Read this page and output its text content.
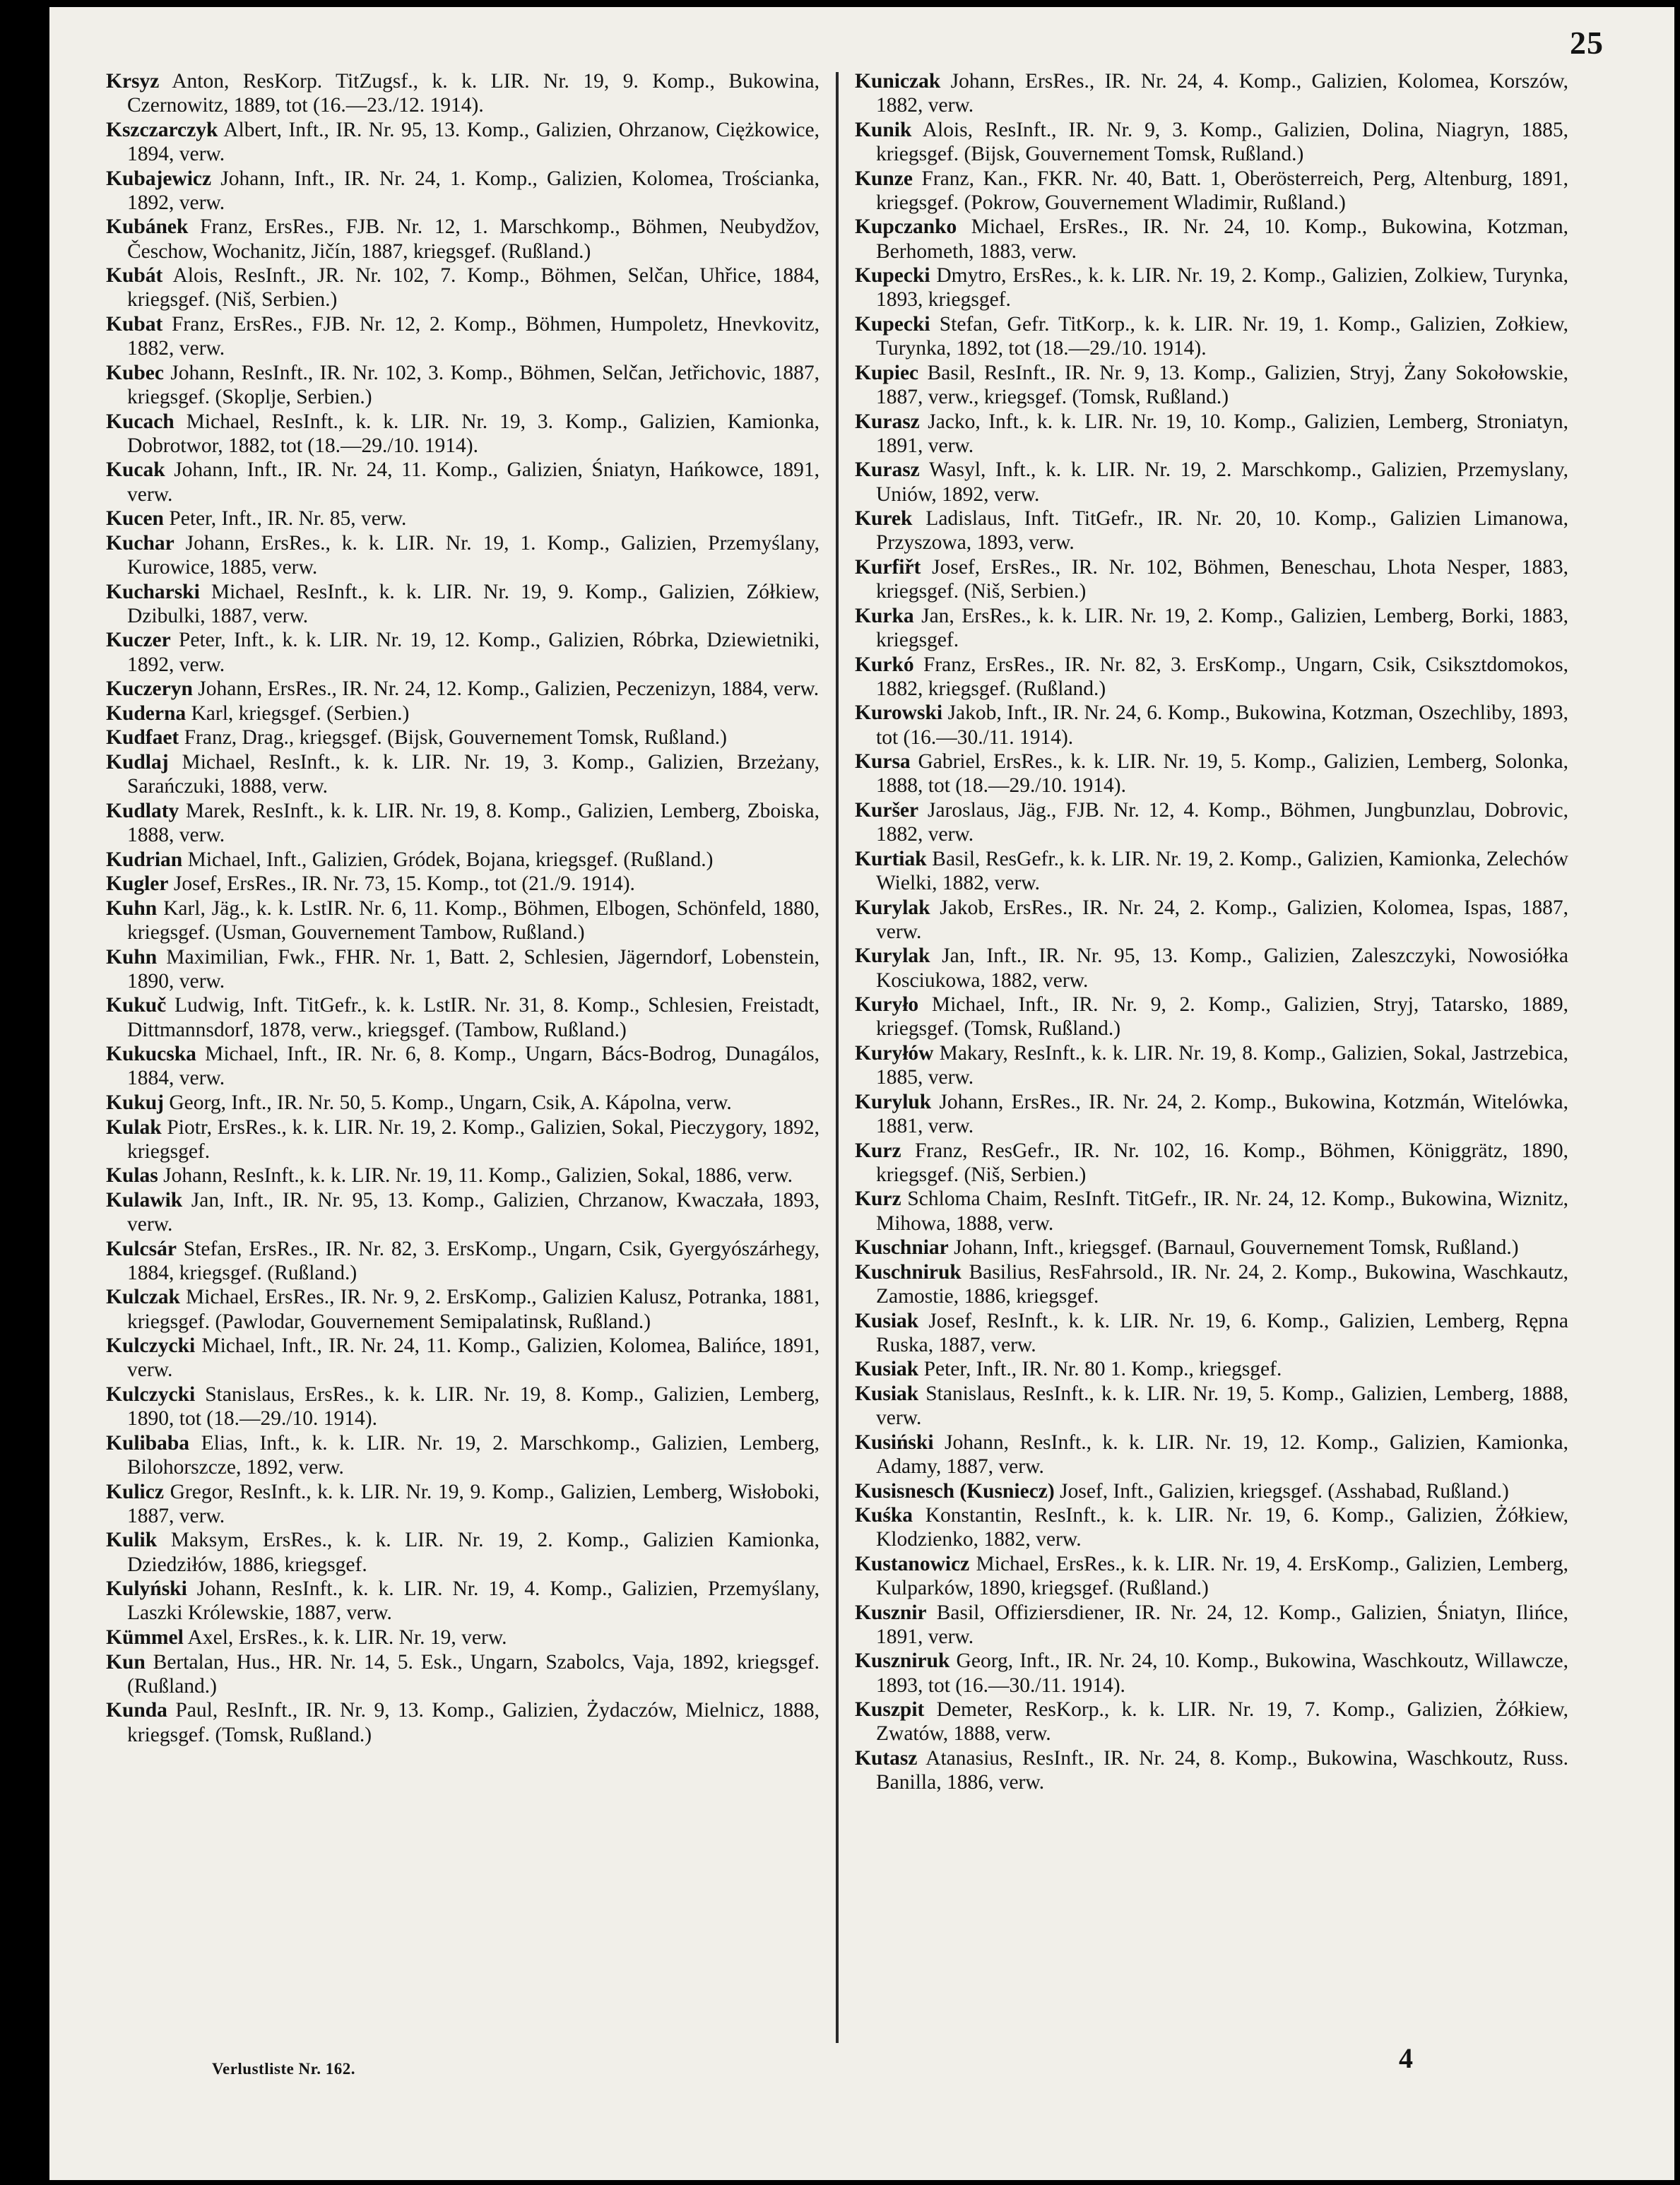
25
Krsyz Anton, ResKorp. TitZugsf., k. k. LIR. Nr. 19, 9. Komp., Bukowina, Czernowitz, 1889, tot (16.—23./12. 1914).
Kszczarczyk Albert, Inft., IR. Nr. 95, 13. Komp., Galizien, Ohrzanow, Ciężkowice, 1894, verw.
Kubajewicz Johann, Inft., IR. Nr. 24, 1. Komp., Galizien, Kolomea, Trościanka, 1892, verw.
Kubánek Franz, ErsRes., FJB. Nr. 12, 1. Marschkomp., Böhmen, Neubydžov, Česchow, Wochanitz, Jičín, 1887, kriegsgef. (Rußland.)
Kubát Alois, ResInft., JR. Nr. 102, 7. Komp., Böhmen, Selčan, Uhřice, 1884, kriegsgef. (Niš, Serbien.)
Kubat Franz, ErsRes., FJB. Nr. 12, 2. Komp., Böhmen, Humpoletz, Hnevkovitz, 1882, verw.
Kubec Johann, ResInft., IR. Nr. 102, 3. Komp., Böhmen, Selčan, Jetřichovic, 1887, kriegsgef. (Skoplje, Serbien.)
Kucach Michael, ResInft., k. k. LIR. Nr. 19, 3. Komp., Galizien, Kamionka, Dobrotwor, 1882, tot (18.—29./10. 1914).
Kucak Johann, Inft., IR. Nr. 24, 11. Komp., Galizien, Śniatyn, Hańkowce, 1891, verw.
Kucen Peter, Inft., IR. Nr. 85, verw.
Kuchar Johann, ErsRes., k. k. LIR. Nr. 19, 1. Komp., Galizien, Przemyślany, Kurowice, 1885, verw.
Kucharski Michael, ResInft., k. k. LIR. Nr. 19, 9. Komp., Galizien, Zółkiew, Dzibulki, 1887, verw.
Kuczer Peter, Inft., k. k. LIR. Nr. 19, 12. Komp., Galizien, Róbrka, Dziewietniki, 1892, verw.
Kuczeryn Johann, ErsRes., IR. Nr. 24, 12. Komp., Galizien, Peczenizyn, 1884, verw.
Kuderna Karl, kriegsgef. (Serbien.)
Kudfaet Franz, Drag., kriegsgef. (Bijsk, Gouvernement Tomsk, Rußland.)
Kudlaj Michael, ResInft., k. k. LIR. Nr. 19, 3. Komp., Galizien, Brzeżany, Sarańczuki, 1888, verw.
Kudlaty Marek, ResInft., k. k. LIR. Nr. 19, 8. Komp., Galizien, Lemberg, Zboiska, 1888, verw.
Kudrian Michael, Inft., Galizien, Gródek, Bojana, kriegsgef. (Rußland.)
Kugler Josef, ErsRes., IR. Nr. 73, 15. Komp., tot (21./9. 1914).
Kuhn Karl, Jäg., k. k. LstIR. Nr. 6, 11. Komp., Böhmen, Elbogen, Schönfeld, 1880, kriegsgef. (Usman, Gouvernement Tambow, Rußland.)
Kuhn Maximilian, Fwk., FHR. Nr. 1, Batt. 2, Schlesien, Jägerndorf, Lobenstein, 1890, verw.
Kukuč Ludwig, Inft. TitGefr., k. k. LstIR. Nr. 31, 8. Komp., Schlesien, Freistadt, Dittmannsdorf, 1878, verw., kriegsgef. (Tambow, Rußland.)
Kukucska Michael, Inft., IR. Nr. 6, 8. Komp., Ungarn, Bács-Bodrog, Dunagálos, 1884, verw.
Kukuj Georg, Inft., IR. Nr. 50, 5. Komp., Ungarn, Csik, A. Kápolna, verw.
Kulak Piotr, ErsRes., k. k. LIR. Nr. 19, 2. Komp., Galizien, Sokal, Pieczygory, 1892, kriegsgef.
Kulas Johann, ResInft., k. k. LIR. Nr. 19, 11. Komp., Galizien, Sokal, 1886, verw.
Kulawik Jan, Inft., IR. Nr. 95, 13. Komp., Galizien, Chrzanow, Kwaczała, 1893, verw.
Kulcsár Stefan, ErsRes., IR. Nr. 82, 3. ErsKomp., Ungarn, Csik, Gyergyószárhegy, 1884, kriegsgef. (Rußland.)
Kulczak Michael, ErsRes., IR. Nr. 9, 2. ErsKomp., Galizien Kalusz, Potranka, 1881, kriegsgef. (Pawlodar, Gouvernement Semipalatinsk, Rußland.)
Kulczycki Michael, Inft., IR. Nr. 24, 11. Komp., Galizien, Kolomea, Balińce, 1891, verw.
Kulczycki Stanislaus, ErsRes., k. k. LIR. Nr. 19, 8. Komp., Galizien, Lemberg, 1890, tot (18.—29./10. 1914).
Kulibaba Elias, Inft., k. k. LIR. Nr. 19, 2. Marschkomp., Galizien, Lemberg, Bilohorszcze, 1892, verw.
Kulicz Gregor, ResInft., k. k. LIR. Nr. 19, 9. Komp., Galizien, Lemberg, Wisłoboki, 1887, verw.
Kulik Maksym, ErsRes., k. k. LIR. Nr. 19, 2. Komp., Galizien Kamionka, Dziedziłów, 1886, kriegsgef.
Kulyński Johann, ResInft., k. k. LIR. Nr. 19, 4. Komp., Galizien, Przemyślany, Laszki Królewskie, 1887, verw.
Kümmel Axel, ErsRes., k. k. LIR. Nr. 19, verw.
Kun Bertalan, Hus., HR. Nr. 14, 5. Esk., Ungarn, Szabolcs, Vaja, 1892, kriegsgef. (Rußland.)
Kunda Paul, ResInft., IR. Nr. 9, 13. Komp., Galizien, Żydaczów, Mielnicz, 1888, kriegsgef. (Tomsk, Rußland.)
Kuniczak Johann, ErsRes., IR. Nr. 24, 4. Komp., Galizien, Kolomea, Korszów, 1882, verw.
Kunik Alois, ResInft., IR. Nr. 9, 3. Komp., Galizien, Dolina, Niagryn, 1885, kriegsgef. (Bijsk, Gouvernement Tomsk, Rußland.)
Kunze Franz, Kan., FKR. Nr. 40, Batt. 1, Oberösterreich, Perg, Altenburg, 1891, kriegsgef. (Pokrow, Gouvernement Wladimir, Rußland.)
Kupczanko Michael, ErsRes., IR. Nr. 24, 10. Komp., Bukowina, Kotzman, Berhometh, 1883, verw.
Kupecki Dmytro, ErsRes., k. k. LIR. Nr. 19, 2. Komp., Galizien, Zolkiew, Turynka, 1893, kriegsgef.
Kupecki Stefan, Gefr. TitKorp., k. k. LIR. Nr. 19, 1. Komp., Galizien, Zołkiew, Turynka, 1892, tot (18.—29./10. 1914).
Kupiec Basil, ResInft., IR. Nr. 9, 13. Komp., Galizien, Stryj, Żany Sokołowskie, 1887, verw., kriegsgef. (Tomsk, Rußland.)
Kurasz Jacko, Inft., k. k. LIR. Nr. 19, 10. Komp., Galizien, Lemberg, Stroniatyn, 1891, verw.
Kurasz Wasyl, Inft., k. k. LIR. Nr. 19, 2. Marschkomp., Galizien, Przemyslany, Uniów, 1892, verw.
Kurek Ladislaus, Inft. TitGefr., IR. Nr. 20, 10. Komp., Galizien Limanowa, Przyszowa, 1893, verw.
Kurfiřt Josef, ErsRes., IR. Nr. 102, Böhmen, Beneschau, Lhota Nesper, 1883, kriegsgef. (Niš, Serbien.)
Kurka Jan, ErsRes., k. k. LIR. Nr. 19, 2. Komp., Galizien, Lemberg, Borki, 1883, kriegsgef.
Kurkó Franz, ErsRes., IR. Nr. 82, 3. ErsKomp., Ungarn, Csik, Csiksztdomokos, 1882, kriegsgef. (Rußland.)
Kurowski Jakob, Inft., IR. Nr. 24, 6. Komp., Bukowina, Kotzman, Oszechliby, 1893, tot (16.—30./11. 1914).
Kursa Gabriel, ErsRes., k. k. LIR. Nr. 19, 5. Komp., Galizien, Lemberg, Solonka, 1888, tot (18.—29./10. 1914).
Kuršer Jaroslaus, Jäg., FJB. Nr. 12, 4. Komp., Böhmen, Jungbunzlau, Dobrovic, 1882, verw.
Kurtiak Basil, ResGefr., k. k. LIR. Nr. 19, 2. Komp., Galizien, Kamionka, Zelechów Wielki, 1882, verw.
Kurylak Jakob, ErsRes., IR. Nr. 24, 2. Komp., Galizien, Kolomea, Ispas, 1887, verw.
Kurylak Jan, Inft., IR. Nr. 95, 13. Komp., Galizien, Zaleszczyki, Nowosiółka Kosciukowa, 1882, verw.
Kuryło Michael, Inft., IR. Nr. 9, 2. Komp., Galizien, Stryj, Tatarsko, 1889, kriegsgef. (Tomsk, Rußland.)
Kuryłów Makary, ResInft., k. k. LIR. Nr. 19, 8. Komp., Galizien, Sokal, Jastrzebica, 1885, verw.
Kuryluk Johann, ErsRes., IR. Nr. 24, 2. Komp., Bukowina, Kotzmán, Witelówka, 1881, verw.
Kurz Franz, ResGefr., IR. Nr. 102, 16. Komp., Böhmen, Königgrätz, 1890, kriegsgef. (Niš, Serbien.)
Kurz Schloma Chaim, ResInft. TitGefr., IR. Nr. 24, 12. Komp., Bukowina, Wiznitz, Mihowa, 1888, verw.
Kuschniar Johann, Inft., kriegsgef. (Barnaul, Gouvernement Tomsk, Rußland.)
Kuschniruk Basilius, ResFahrsold., IR. Nr. 24, 2. Komp., Bukowina, Waschkautz, Zamostie, 1886, kriegsgef.
Kusiak Josef, ResInft., k. k. LIR. Nr. 19, 6. Komp., Galizien, Lemberg, Rępna Ruska, 1887, verw.
Kusiak Peter, Inft., IR. Nr. 80 1. Komp., kriegsgef.
Kusiak Stanislaus, ResInft., k. k. LIR. Nr. 19, 5. Komp., Galizien, Lemberg, 1888, verw.
Kusiński Johann, ResInft., k. k. LIR. Nr. 19, 12. Komp., Galizien, Kamionka, Adamy, 1887, verw.
Kusisnesch (Kusniecz) Josef, Inft., Galizien, kriegsgef. (Asshabad, Rußland.)
Kuśka Konstantin, ResInft., k. k. LIR. Nr. 19, 6. Komp., Galizien, Żółkiew, Klodzienko, 1882, verw.
Kustanowicz Michael, ErsRes., k. k. LIR. Nr. 19, 4. ErsKomp., Galizien, Lemberg, Kulparków, 1890, kriegsgef. (Rußland.)
Kusznir Basil, Offiziersdiener, IR. Nr. 24, 12. Komp., Galizien, Śniatyn, Ilińce, 1891, verw.
Kuszniruk Georg, Inft., IR. Nr. 24, 10. Komp., Bukowina, Waschkoutz, Willawcze, 1893, tot (16.—30./11. 1914).
Kuszpit Demeter, ResKorp., k. k. LIR. Nr. 19, 7. Komp., Galizien, Żółkiew, Zwatów, 1888, verw.
Kutasz Atanasius, ResInft., IR. Nr. 24, 8. Komp., Bukowina, Waschkoutz, Russ. Banilla, 1886, verw.
Verlustliste Nr. 162.	4
